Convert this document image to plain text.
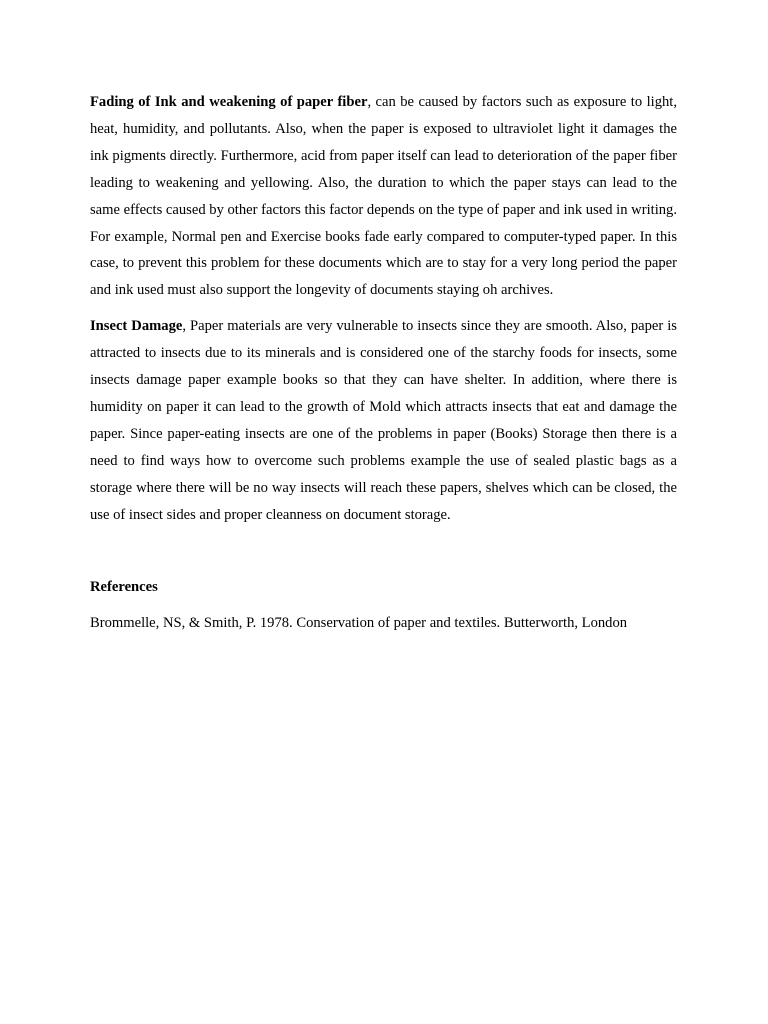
Fading of Ink and weakening of paper fiber, can be caused by factors such as exposure to light, heat, humidity, and pollutants. Also, when the paper is exposed to ultraviolet light it damages the ink pigments directly. Furthermore, acid from paper itself can lead to deterioration of the paper fiber leading to weakening and yellowing. Also, the duration to which the paper stays can lead to the same effects caused by other factors this factor depends on the type of paper and ink used in writing. For example, Normal pen and Exercise books fade early compared to computer-typed paper. In this case, to prevent this problem for these documents which are to stay for a very long period the paper and ink used must also support the longevity of documents staying oh archives.

Insect Damage, Paper materials are very vulnerable to insects since they are smooth. Also, paper is attracted to insects due to its minerals and is considered one of the starchy foods for insects, some insects damage paper example books so that they can have shelter. In addition, where there is humidity on paper it can lead to the growth of Mold which attracts insects that eat and damage the paper. Since paper-eating insects are one of the problems in paper (Books) Storage then there is a need to find ways how to overcome such problems example the use of sealed plastic bags as a storage where there will be no way insects will reach these papers, shelves which can be closed, the use of insect sides and proper cleanness on document storage.

References

Brommelle, NS, & Smith, P. 1978. Conservation of paper and textiles. Butterworth, London
